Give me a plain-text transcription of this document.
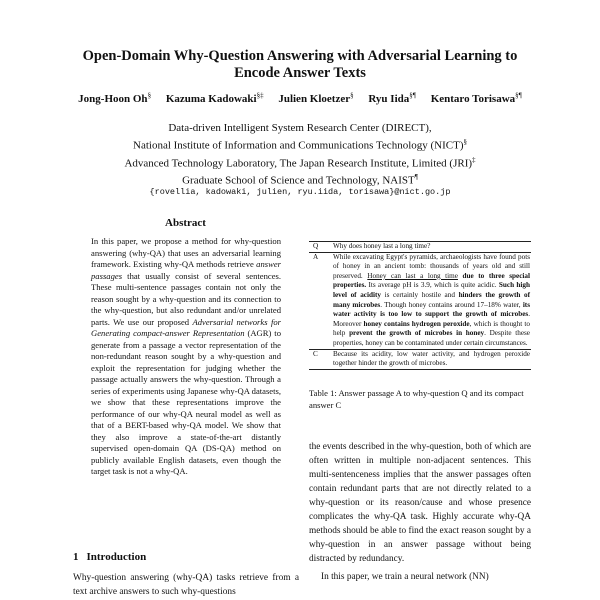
Open-Domain Why-Question Answering with Adversarial Learning to
Encode Answer Texts
Jong-Hoon Oh§ Kazuma Kadowaki§‡ Julien Kloetzer§ Ryu Iida§¶ Kentaro Torisawa§¶
Data-driven Intelligent System Research Center (DIRECT),
National Institute of Information and Communications Technology (NICT)§
Advanced Technology Laboratory, The Japan Research Institute, Limited (JRI)‡
Graduate School of Science and Technology, NAIST¶
{rovellia, kadowaki, julien, ryu.iida, torisawa}@nict.go.jp
Abstract
In this paper, we propose a method for why-question answering (why-QA) that uses an adversarial learning framework. Existing why-QA methods retrieve answer passages that usually consist of several sentences. These multi-sentence passages contain not only the reason sought by a why-question and its connection to the why-question, but also redundant and/or unrelated parts. We use our proposed Adversarial networks for Generating compact-answer Representation (AGR) to generate from a passage a vector representation of the non-redundant reason sought by a why-question and exploit the representation for judging whether the passage actually answers the why-question. Through a series of experiments using Japanese why-QA datasets, we show that these representations improve the performance of our why-QA neural model as well as that of a BERT-based why-QA model. We show that they also improve a state-of-the-art distantly supervised open-domain QA (DS-QA) method on publicly available English datasets, even though the target task is not a why-QA.
1 Introduction
Why-question answering (why-QA) tasks retrieve from a text archive answers to such why-questions
Q	Why does honey last a long time?
A	While excavating Egypt's pyramids, archaeologists have found pots of honey in an ancient tomb: thousands of years old and still preserved. Honey can last a long time due to three special properties. Its average pH is 3.9, which is quite acidic. Such high level of acidity is certainly hostile and hinders the growth of many microbes. Though honey contains around 17–18% water, its water activity is too low to support the growth of microbes. Moreover honey contains hydrogen peroxide, which is thought to help prevent the growth of microbes in honey. Despite these properties, honey can be contaminated under certain circumstances.
C	Because its acidity, low water activity, and hydrogen peroxide together hinder the growth of microbes.
Table 1: Answer passage A to why-question Q and its compact answer C

the events described in the why-question, both of which are often written in multiple non-adjacent sentences. This multi-sentenceness implies that the answer passages often contain redundant parts that are not directly related to a why-question or its reason/cause and whose presence complicates the why-QA task. Highly accurate why-QA methods should be able to find the exact reason sought by a why-question in an answer passage without being distracted by redundancy.

In this paper, we train a neural network (NN)
